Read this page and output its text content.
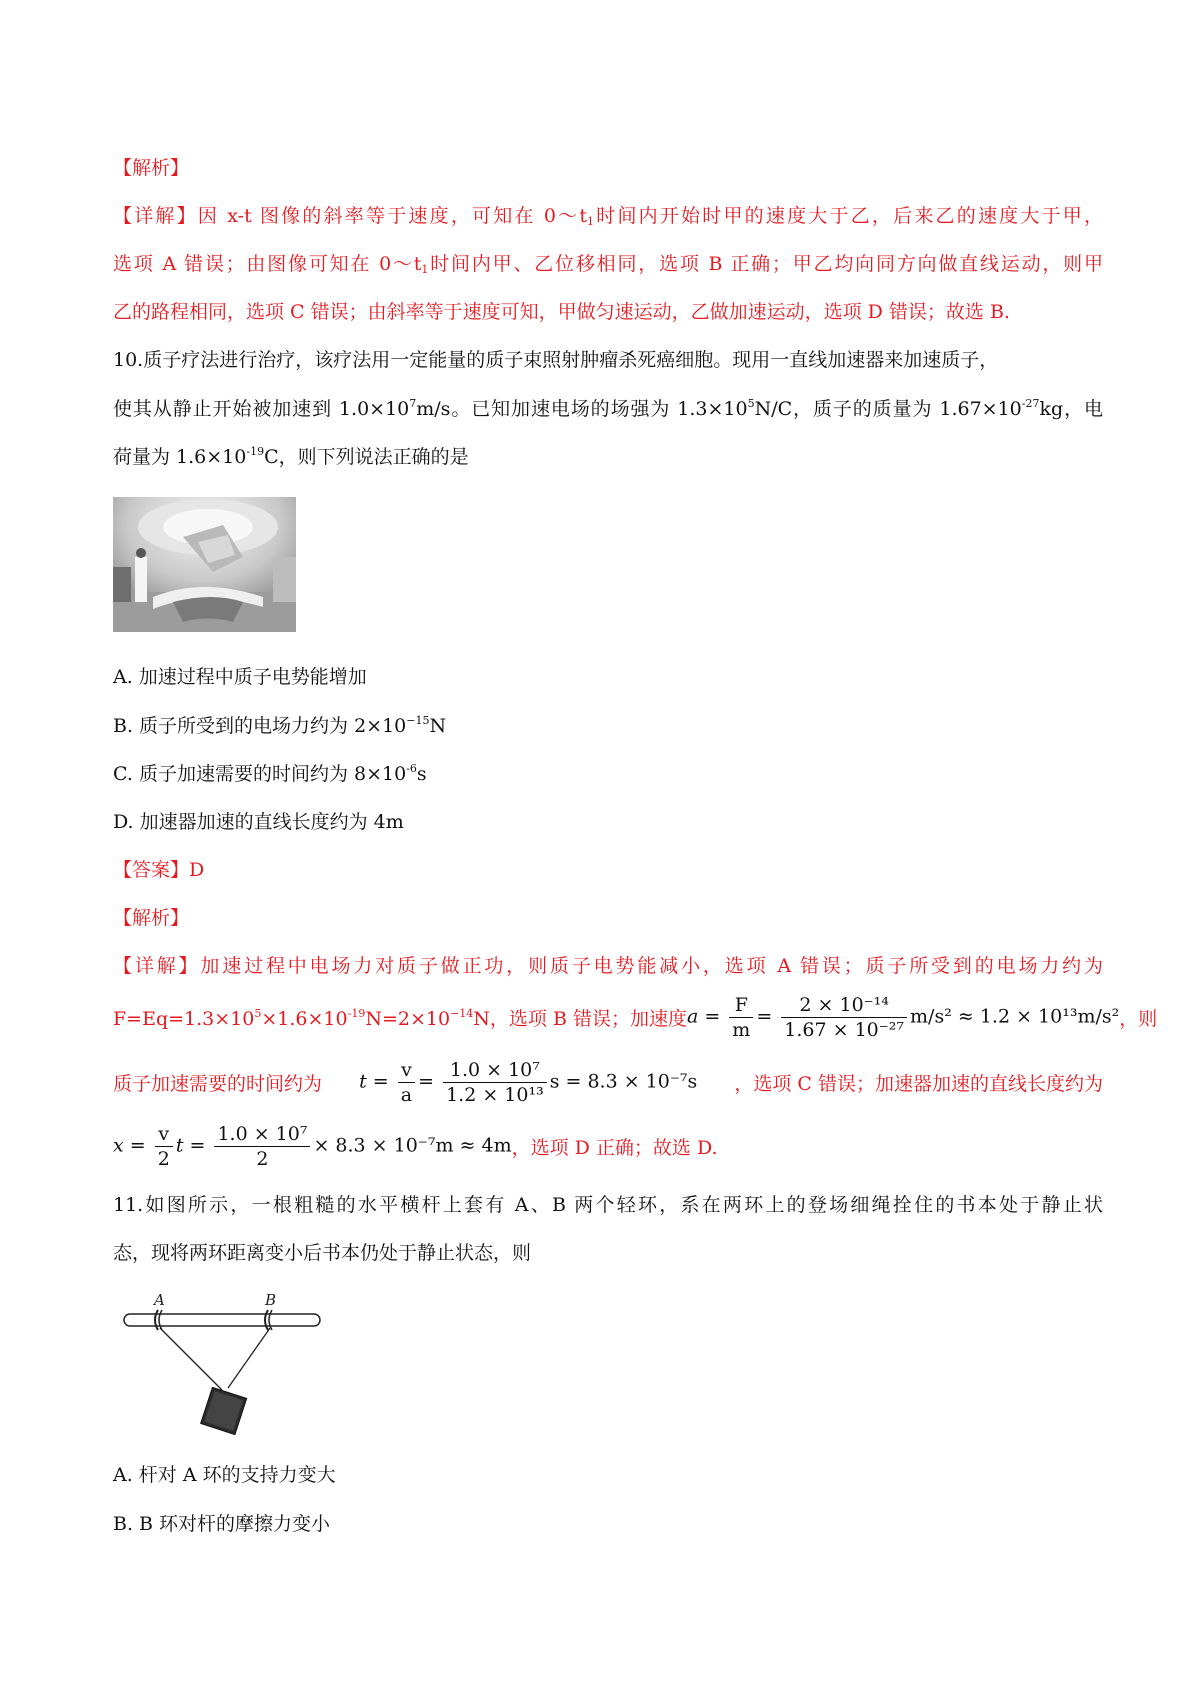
【解析】
【详解】因 x-t 图像的斜率等于速度，可知在 $0\sim t_1$时间内开始时甲的速度大于乙，后来乙的速度大于甲，
选项 A 错误；由图像可知在 $0\sim t_1$时间内甲、乙位移相同，选项 B 正确；甲乙均向同方向做直线运动，则甲
乙的路程相同，选项 C 错误；由斜率等于速度可知，甲做匀速运动，乙做加速运动，选项 D 错误；故选 B.
10.质子疗法进行治疗，该疗法用一定能量的质子束照射肿瘤杀死癌细胞。现用一直线加速器来加速质子，
使其从静止开始被加速到 $1.0\times 10^7m/s$。已知加速电场的场强为 $1.3\times 10^5N/C$，质子的质量为 $1.67\times 10^{-27}kg$，电
荷量为 $1.6\times 10^{-19}C$，则下列说法正确的是
A. 加速过程中质子电势能增加
B. 质子所受到的电场力约为 $2\times 10^{-15}N$
C. 质子加速需要的时间约为 $8\times 10^{-6}s$
D. 加速器加速的直线长度约为 4m
【答案】D
【解析】
【详解】加速过程中电场力对质子做正功，则质子电势能减小，选项 A 错误；质子所受到的电场力约为
$F=Eq=1.3\times 10^5\times 1.6\times 10^{-19}N=2\times 10^{-14}N$，选项 B 错误；加速度 $a = \frac{F}{m} = \frac{\text{2 × 10⁻¹⁴}}{\text{1.67 × 10⁻²⁷}} m/s^2 \approx 1.2 \times 10^{13}m/s^2$ ，则
质子加速需要的时间约为 $t = \frac{v}{a} = \frac{\text{1.0 × 10⁷}}{\text{1.2 × 10¹³}}$ s = 8.3 × 10⁻⁷s ，选项 C 错误；加速器加速的直线长度约为
$x = \frac{v}{2}$ $t = \frac{\text{1.0 × 10⁷}}{2} \times 8.3 \times 10^{-7}m \approx 4m$ ，选项 D 正确；故选 D.
11.如图所示，一根粗糙的水平横杆上套有 A、B 两个轻环，系在两环上的登场细绳拴住的书本处于静止状
态，现将两环距离变小后书本仍处于静止状态，则
A	B
A. 杆对 A 环的支持力变大
B. B 环对杆的摩擦力变小
